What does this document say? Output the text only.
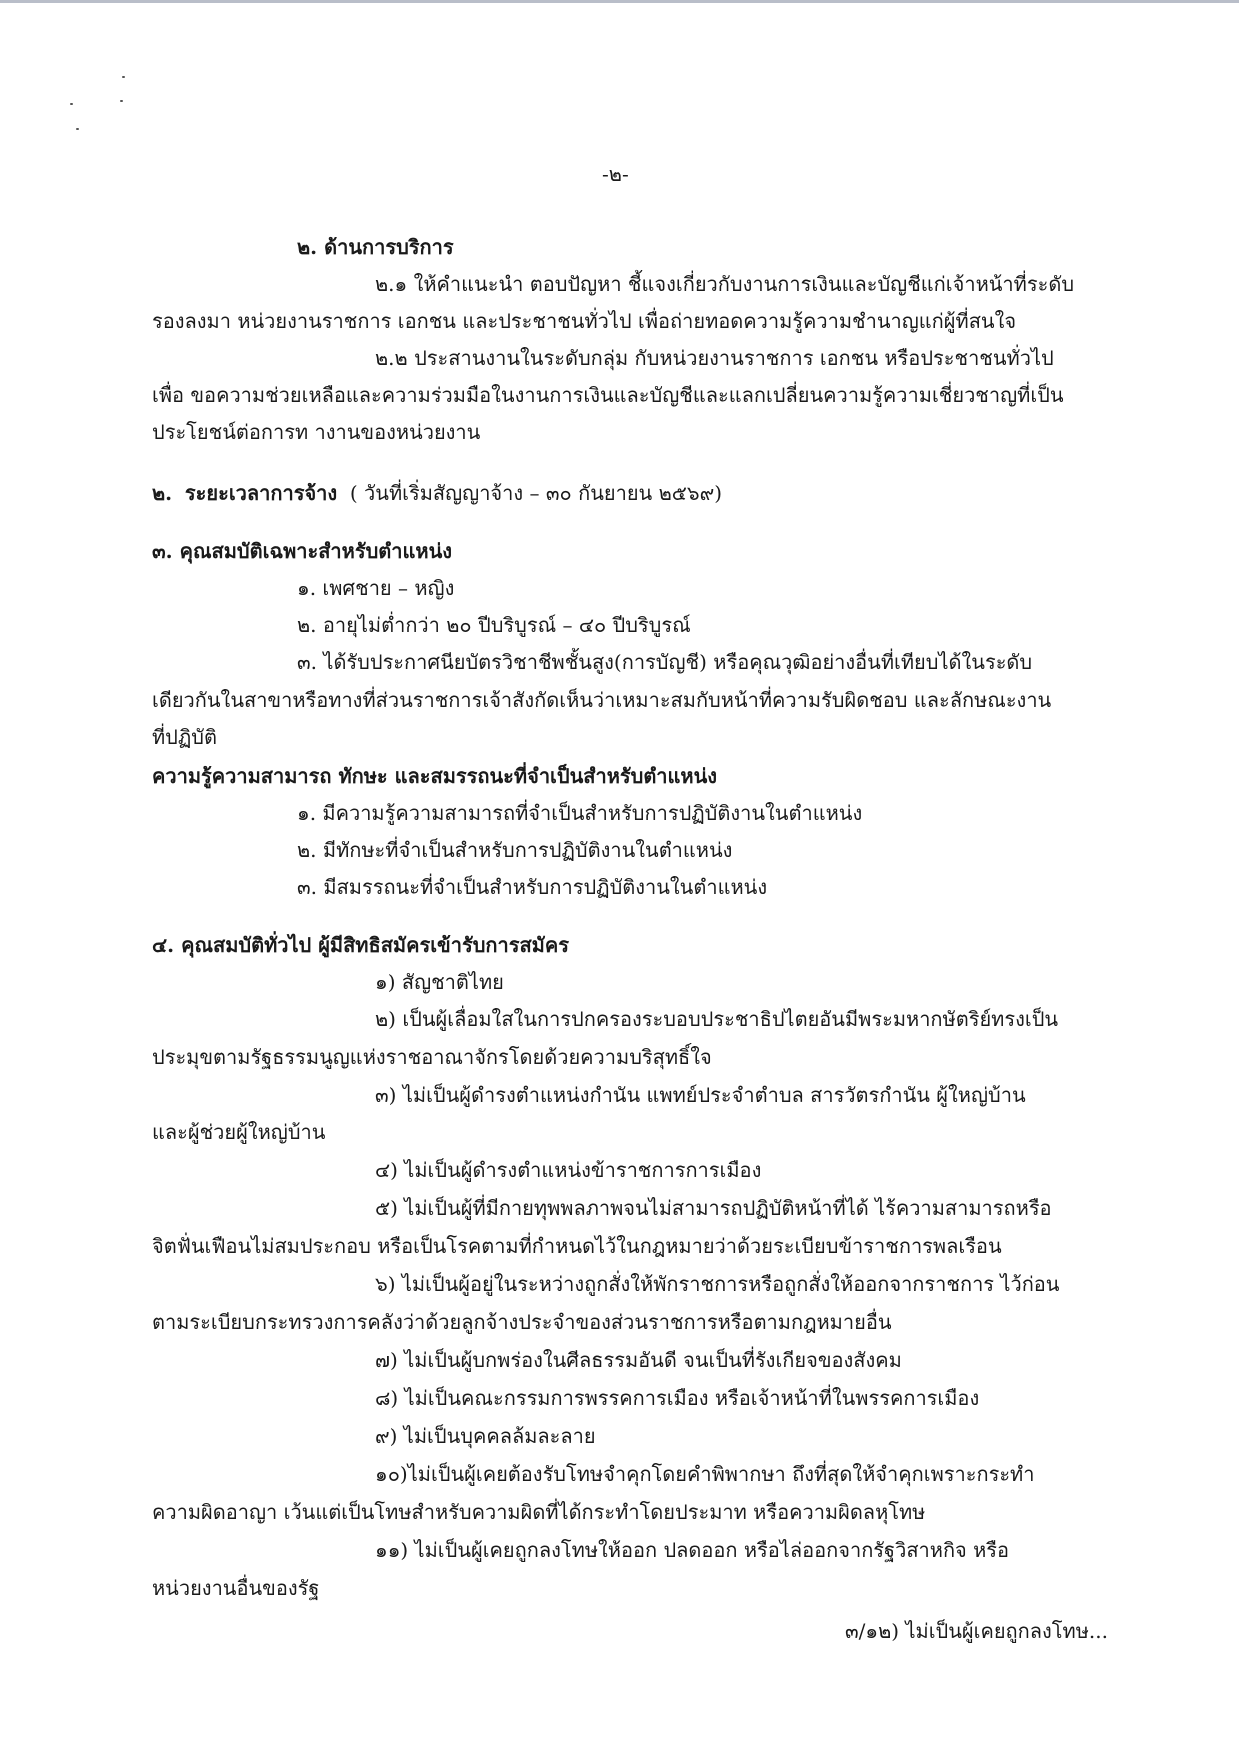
-๒-
๒. ด้านการบริการ
๒.๑ ให้คำแนะนำ ตอบปัญหา ชี้แจงเกี่ยวกับงานการเงินและบัญชีแก่เจ้าหน้าที่ระดับ
รองลงมา หน่วยงานราชการ เอกชน และประชาชนทั่วไป เพื่อถ่ายทอดความรู้ความชำนาญแก่ผู้ที่สนใจ
๒.๒ ประสานงานในระดับกลุ่ม กับหน่วยงานราชการ เอกชน หรือประชาชนทั่วไป
เพื่อ ขอความช่วยเหลือและความร่วมมือในงานการเงินและบัญชีและแลกเปลี่ยนความรู้ความเชี่ยวชาญที่เป็น
ประโยชน์ต่อการท างานของหน่วยงาน
๒. ระยะเวลาการจ้าง ( วันที่เริ่มสัญญาจ้าง – ๓๐ กันยายน ๒๕๖๙)
๓. คุณสมบัติเฉพาะสำหรับตำแหน่ง
๑. เพศชาย – หญิง
๒. อายุไม่ต่ำกว่า ๒๐ ปีบริบูรณ์ – ๔๐ ปีบริบูรณ์
๓. ได้รับประกาศนียบัตรวิชาชีพชั้นสูง(การบัญชี) หรือคุณวุฒิอย่างอื่นที่เทียบได้ในระดับ
เดียวกันในสาขาหรือทางที่ส่วนราชการเจ้าสังกัดเห็นว่าเหมาะสมกับหน้าที่ความรับผิดชอบ และลักษณะงาน
ที่ปฏิบัติ
ความรู้ความสามารถ ทักษะ และสมรรถนะที่จำเป็นสำหรับตำแหน่ง
๑. มีความรู้ความสามารถที่จำเป็นสำหรับการปฏิบัติงานในตำแหน่ง
๒. มีทักษะที่จำเป็นสำหรับการปฏิบัติงานในตำแหน่ง
๓. มีสมรรถนะที่จำเป็นสำหรับการปฏิบัติงานในตำแหน่ง
๔. คุณสมบัติทั่วไป ผู้มีสิทธิสมัครเข้ารับการสมัคร
๑) สัญชาติไทย
๒) เป็นผู้เลื่อมใสในการปกครองระบอบประชาธิปไตยอันมีพระมหากษัตริย์ทรงเป็น
ประมุขตามรัฐธรรมนูญแห่งราชอาณาจักรโดยด้วยความบริสุทธิ์ใจ
๓) ไม่เป็นผู้ดำรงตำแหน่งกำนัน แพทย์ประจำตำบล สารวัตรกำนัน ผู้ใหญ่บ้าน
และผู้ช่วยผู้ใหญ่บ้าน
๔) ไม่เป็นผู้ดำรงตำแหน่งข้าราชการการเมือง
๕) ไม่เป็นผู้ที่มีกายทุพพลภาพจนไม่สามารถปฏิบัติหน้าที่ได้ ไร้ความสามารถหรือ
จิตฟั่นเฟือนไม่สมประกอบ หรือเป็นโรคตามที่กำหนดไว้ในกฎหมายว่าด้วยระเบียบข้าราชการพลเรือน
๖) ไม่เป็นผู้อยู่ในระหว่างถูกสั่งให้พักราชการหรือถูกสั่งให้ออกจากราชการ ไว้ก่อน
ตามระเบียบกระทรวงการคลังว่าด้วยลูกจ้างประจำของส่วนราชการหรือตามกฎหมายอื่น
๗) ไม่เป็นผู้บกพร่องในศีลธรรมอันดี จนเป็นที่รังเกียจของสังคม
๘) ไม่เป็นคณะกรรมการพรรคการเมือง หรือเจ้าหน้าที่ในพรรคการเมือง
๙) ไม่เป็นบุคคลล้มละลาย
๑๐)ไม่เป็นผู้เคยต้องรับโทษจำคุกโดยคำพิพากษา ถึงที่สุดให้จำคุกเพราะกระทำ
ความผิดอาญา เว้นแต่เป็นโทษสำหรับความผิดที่ได้กระทำโดยประมาท หรือความผิดลหุโทษ
๑๑) ไม่เป็นผู้เคยถูกลงโทษให้ออก ปลดออก หรือไล่ออกจากรัฐวิสาหกิจ หรือ
หน่วยงานอื่นของรัฐ
๓/๑๒) ไม่เป็นผู้เคยถูกลงโทษ...
